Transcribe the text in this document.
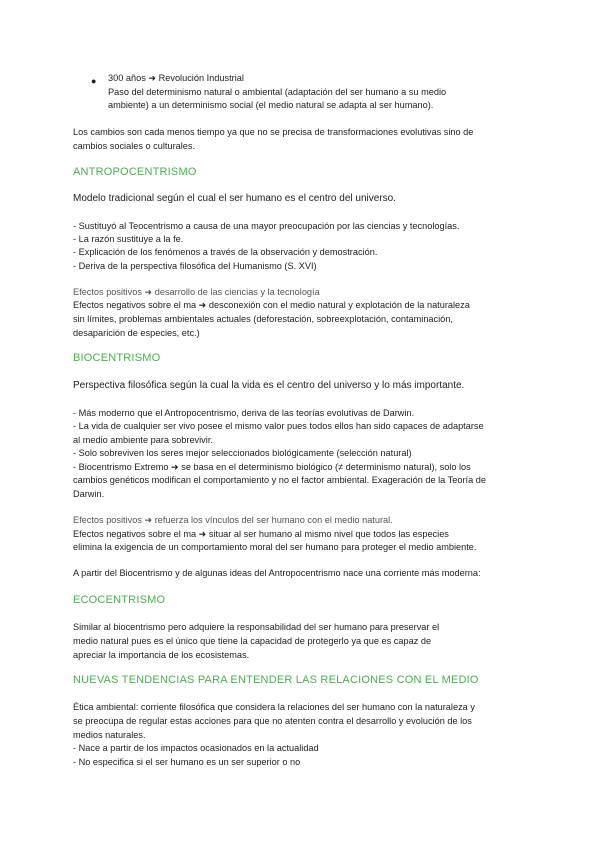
● 300 años ➜ Revolución Industrial
Paso del determinismo natural o ambiental (adaptación del ser humano a su medio
ambiente) a un determinismo social (el medio natural se adapta al ser humano).
Los cambios son cada menos tiempo ya que no se precisa de transformaciones evolutivas sino de
cambios sociales o culturales.
ANTROPOCENTRISMO
Modelo tradicional según el cual el ser humano es el centro del universo.
- Sustituyó al Teocentrismo a causa de una mayor preocupación por las ciencias y tecnologías.
- La razón sustituye a la fe.
- Explicación de los fenómenos a través de la observación y demostración.
- Deriva de la perspectiva filosófica del Humanismo (S. XVI)
Efectos positivos ➜ desarrollo de las ciencias y la tecnología
Efectos negativos sobre el ma ➜ desconexión con el medio natural y explotación de la naturaleza
sin límites, problemas ambientales actuales (deforestación, sobreexplotación, contaminación,
desaparición de especies, etc.)
BIOCENTRISMO
Perspectiva filosófica según la cual la vida es el centro del universo y lo más importante.
- Más moderno que el Antropocentrismo, deriva de las teorías evolutivas de Darwin.
- La vida de cualquier ser vivo posee el mismo valor pues todos ellos han sido capaces de adaptarse
al medio ambiente para sobrevivir.
- Solo sobreviven los seres mejor seleccionados biológicamente (selección natural)
- Biocentrismo Extremo ➜ se basa en el determinismo biológico (≠ determinismo natural), solo los
cambios genéticos modifican el comportamiento y no el factor ambiental. Exageración de la Teoría de
Darwin.
Efectos positivos ➜ refuerza los vínculos del ser humano con el medio natural.
Efectos negativos sobre el ma ➜ situar al ser humano al mismo nivel que todos las especies
elimina la exigencia de un comportamiento moral del ser humano para proteger el medio ambiente.
A partir del Biocentrismo y de algunas ideas del Antropocentrismo nace una corriente más moderna:
ECOCENTRISMO
Similar al biocentrismo pero adquiere la responsabilidad del ser humano para preservar el
medio natural pues es el único que tiene la capacidad de protegerlo ya que es capaz de
apreciar la importancia de los ecosistemas.
NUEVAS TENDENCIAS PARA ENTENDER LAS RELACIONES CON EL MEDIO
Ética ambiental: corriente filosófica que considera la relaciones del ser humano con la naturaleza y
se preocupa de regular estas acciones para que no atenten contra el desarrollo y evolución de los
medios naturales.
- Nace a partir de los impactos ocasionados en la actualidad
- No especifica si el ser humano es un ser superior o no
